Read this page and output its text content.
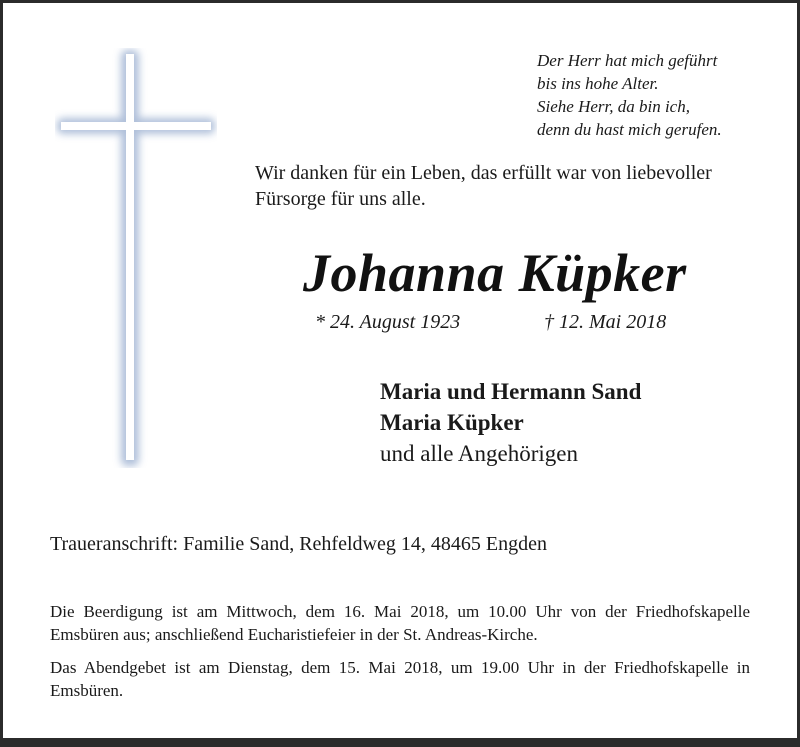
Der Herr hat mich geführt
bis ins hohe Alter.
Siehe Herr, da bin ich,
denn du hast mich gerufen.
Wir danken für ein Leben, das erfüllt war von liebevoller Fürsorge für uns alle.
Johanna Küpker
* 24. August 1923	† 12. Mai 2018
Maria und Hermann Sand
Maria Küpker
und alle Angehörigen
Traueranschrift: Familie Sand, Rehfeldweg 14, 48465 Engden
Die Beerdigung ist am Mittwoch, dem 16. Mai 2018, um 10.00 Uhr von der Friedhofskapelle Emsbüren aus; anschließend Eucharistiefeier in der St. Andreas-Kirche.
Das Abendgebet ist am Dienstag, dem 15. Mai 2018, um 19.00 Uhr in der Friedhofskapelle in Emsbüren.
